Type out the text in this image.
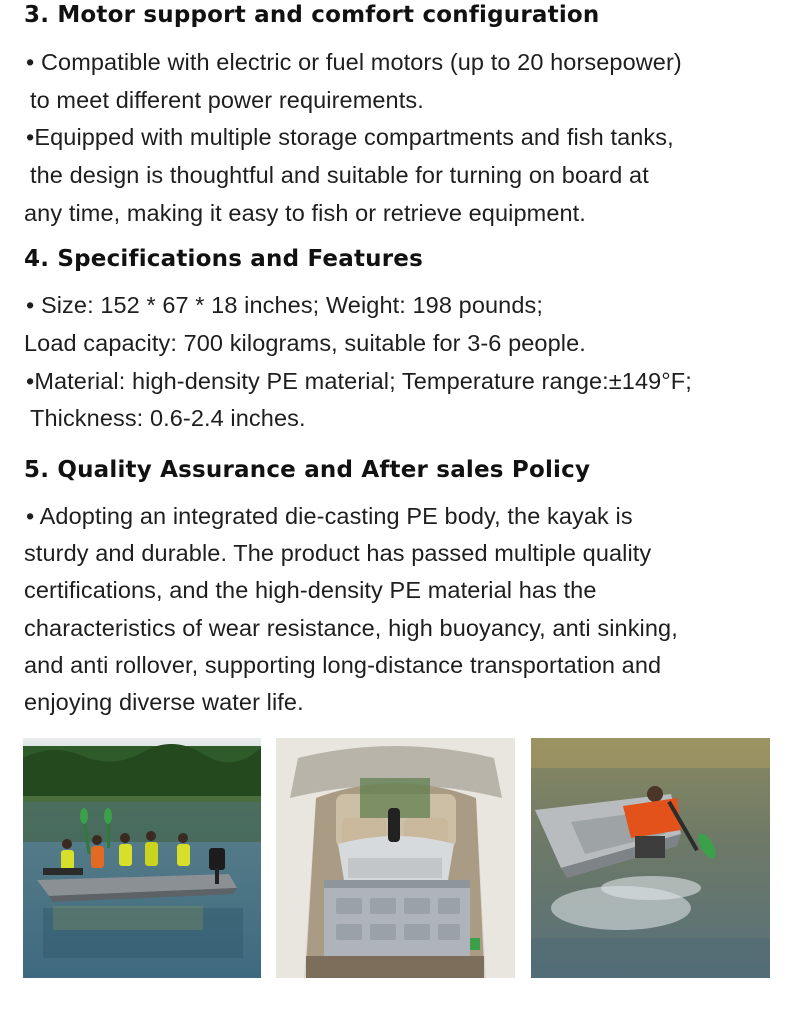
3. Motor support and comfort configuration

• Compatible with electric or fuel motors (up to 20 horsepower)

to meet different power requirements.

•Equipped with multiple storage compartments and fish tanks,

the design is thoughtful and suitable for turning on board at

any time, making it easy to fish or retrieve equipment.

4. Specifications and Features

• Size: 152 * 67 * 18 inches; Weight: 198 pounds;

Load capacity: 700 kilograms, suitable for 3-6 people.

•Material: high-density PE material; Temperature range:±149°F;

Thickness: 0.6-2.4 inches.

5. Quality Assurance and After sales Policy

• Adopting an integrated die-casting PE body, the kayak is

sturdy and durable. The product has passed multiple quality

certifications, and the high-density PE material has the

characteristics of wear resistance, high buoyancy, anti sinking,

and anti rollover, supporting long-distance transportation and

enjoying diverse water life.
